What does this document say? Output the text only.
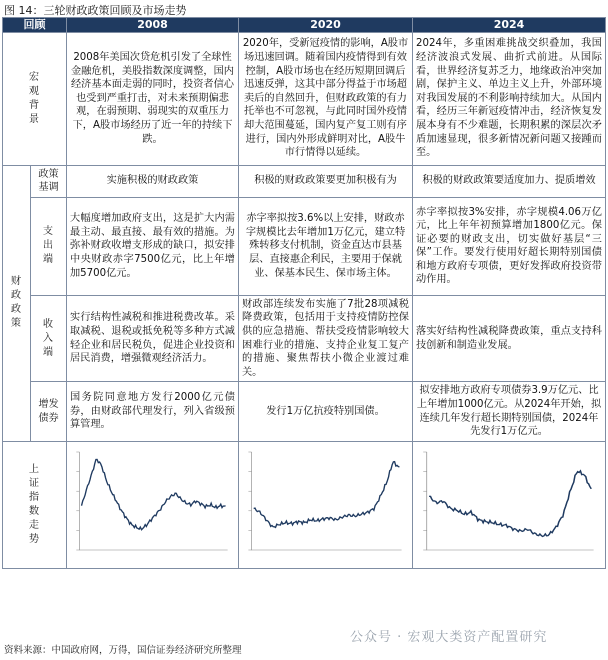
图 14：三轮财政政策回顾及市场走势
回顾		2008	2020	2024
宏观背景		2008年美国次贷危机引发了全球性金融危机，美股指数深度调整，国内经济基本面走弱的同时，投资者信心也受到严重打击，对未来预期偏悲观，在弱预期、弱现实的双重压力下，A股市场经历了近一年的持续下跌。	2020年，受新冠疫情的影响，A股市场迅速回调。随着国内疫情得到有效控制，A股市场也在经历短期回调后迅速反弹，这其中部分得益于市场超卖后的自然回升，但财政政策的有力托举也不可忽视，与此同时国外疫情却大范围蔓延，国内复产复工则有序进行，国内外形成鲜明对比，A股牛市行情得以延续。	2024年，多重困难挑战交织叠加，我国经济波浪式发展、曲折式前进。从国际看，世界经济复苏乏力，地缘政治冲突加剧，保护主义、单边主义上升，外部环境对我国发展的不利影响持续加大。从国内看，经历三年新冠疫情冲击，经济恢复发展本身有不少难题，长期积累的深层次矛盾加速显现，很多新情况新问题又接踵而至。
财政政策	政策基调	实施积极的财政政策	积极的财政政策要更加积极有为	积极的财政政策要适度加力、提质增效
	支出端	大幅度增加政府支出，这是扩大内需最主动、最直接、最有效的措施。为弥补财政收增支形成的缺口，拟安排中央财政赤字7500亿元，比上年增加5700亿元。	赤字率拟按3.6%以上安排，财政赤字规模比去年增加1万亿元，建立特殊转移支付机制，资金直达市县基层、直接惠企利民，主要用于保就业、保基本民生、保市场主体。	赤字率拟按3%安排，赤字规模4.06万亿元，比上年年初预算增加1800亿元。保证必要的财政支出，切实做好基层“三保”工作。要发行使用好超长期特别国债和地方政府专项债，更好发挥政府投资带动作用。
	收入端	实行结构性减税和推进税费改革。采取减税、退税或抵免税等多种方式减轻企业和居民税负，促进企业投资和居民消费，增强微观经济活力。	财政部连续发布实施了7批28项减税降费政策，包括用于支持疫情防控保供的应急措施、帮扶受疫情影响较大困难行业的措施、支持企业复工复产的措施、聚焦帮扶小微企业渡过难关。	落实好结构性减税降费政策，重点支持科技创新和制造业发展。
	增发债券	国务院同意地方发行2000亿元债券，由财政部代理发行，列入省级预算管理。	发行1万亿抗疫特别国债。	拟安排地方政府专项债券3.9万亿元、比上年增加1000亿元。从2024年开始，拟连续几年发行超长期特别国债，2024年先发行1万亿元。
上证指数走势	

公众号 · 宏观大类资产配置研究
资料来源：中国政府网，万得，国信证券经济研究所整理
